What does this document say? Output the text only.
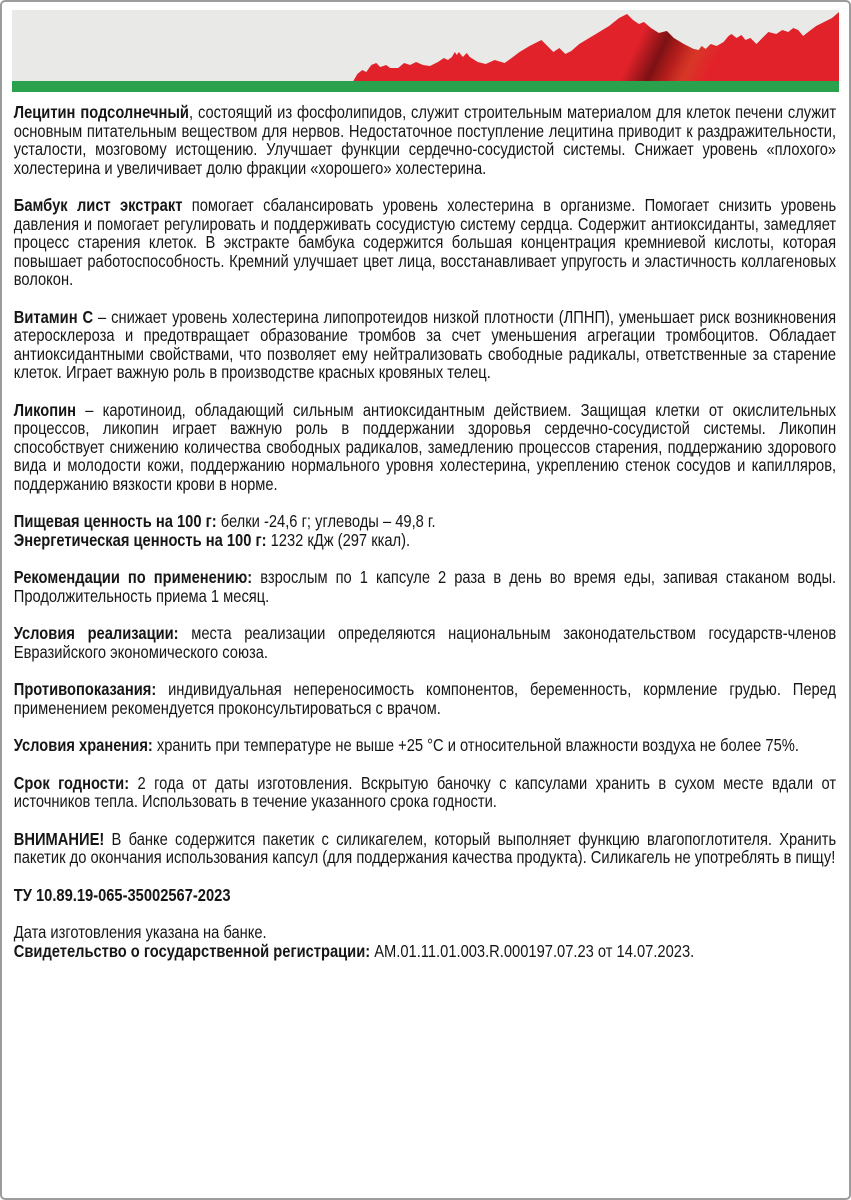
Лецитин подсолнечный, состоящий из фосфолипидов, служит строительным материалом для клеток печени служит основным питательным веществом для нервов. Недостаточное поступление лецитина приводит к раздражительности, усталости, мозговому истощению. Улучшает функции сердечно-сосудистой системы. Снижает уровень «плохого» холестерина и увеличивает долю фракции «хорошего» холестерина.

Бамбук лист экстракт помогает сбалансировать уровень холестерина в организме. Помогает снизить уровень давления и помогает регулировать и поддерживать сосудистую систему сердца. Содержит антиоксиданты, замедляет процесс старения клеток. В экстракте бамбука содержится большая концентрация кремниевой кислоты, которая повышает работоспособность. Кремний улучшает цвет лица, восстанавливает упругость и эластичность коллагеновых волокон.

Витамин С – снижает уровень холестерина липопротеидов низкой плотности (ЛПНП), уменьшает риск возникновения атеросклероза и предотвращает образование тромбов за счет уменьшения агрегации тромбоцитов. Обладает антиоксидантными свойствами, что позволяет ему нейтрализовать свободные радикалы, ответственные за старение клеток. Играет важную роль в производстве красных кровяных телец.

Ликопин – каротиноид, обладающий сильным антиоксидантным действием. Защищая клетки от окислительных процессов, ликопин играет важную роль в поддержании здоровья сердечно-сосудистой системы. Ликопин способствует снижению количества свободных радикалов, замедлению процессов старения, поддержанию здорового вида и молодости кожи, поддержанию нормального уровня холестерина, укреплению стенок сосудов и капилляров, поддержанию вязкости крови в норме.

Пищевая ценность на 100 г: белки -24,6 г; углеводы – 49,8 г.

Энергетическая ценность на 100 г: 1232 кДж (297 ккал).

Рекомендации по применению: взрослым по 1 капсуле 2 раза в день во время еды, запивая стаканом воды. Продолжительность приема 1 месяц.

Условия реализации: места реализации определяются национальным законодательством государств-членов Евразийского экономического союза.

Противопоказания: индивидуальная непереносимость компонентов, беременность, кормление грудью. Перед применением рекомендуется проконсультироваться с врачом.

Условия хранения: хранить при температуре не выше +25 °С и относительной влажности воздуха не более 75%.

Срок годности: 2 года от даты изготовления. Вскрытую баночку с капсулами хранить в сухом месте вдали от источников тепла. Использовать в течение указанного срока годности.

ВНИМАНИЕ! В банке содержится пакетик с силикагелем, который выполняет функцию влагопоглотителя. Хранить пакетик до окончания использования капсул (для поддержания качества продукта). Силикагель не употреблять в пищу!

ТУ 10.89.19-065-35002567-2023

Дата изготовления указана на банке.

Свидетельство о государственной регистрации: АМ.01.11.01.003.R.000197.07.23 от 14.07.2023.
